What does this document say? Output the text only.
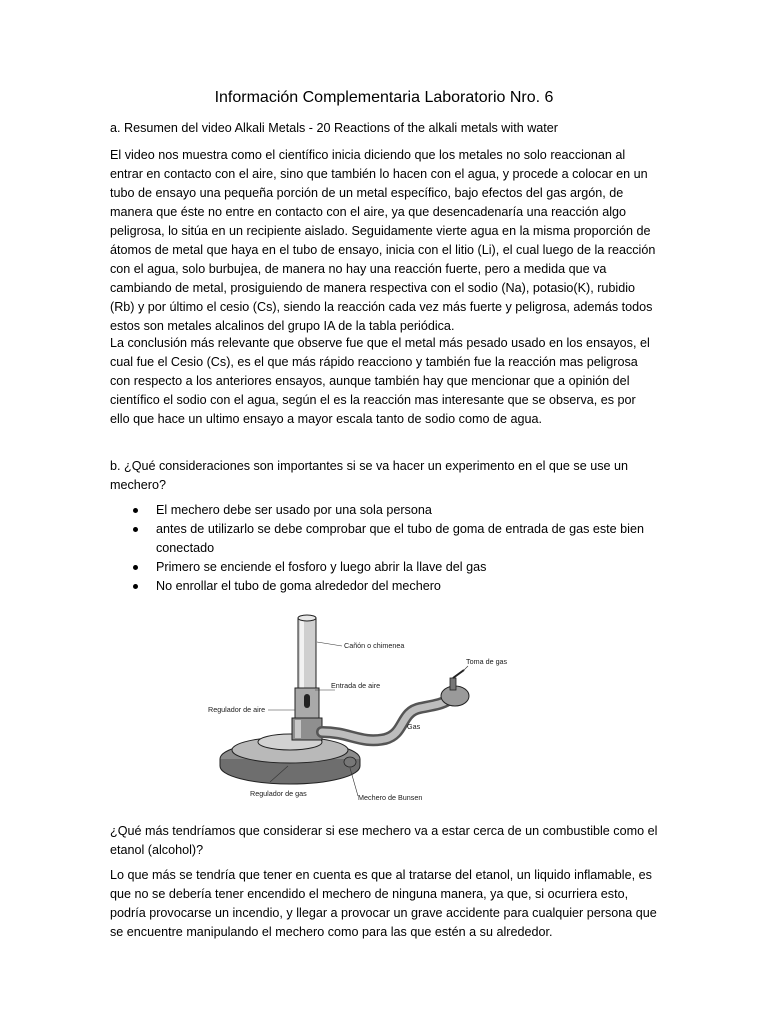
Información Complementaria Laboratorio Nro. 6
a. Resumen del video Alkali Metals - 20 Reactions of the alkali metals with water

El video nos muestra como el científico inicia diciendo que los metales no solo reaccionan al entrar en contacto con el aire, sino que también lo hacen con el agua, y procede a colocar en un tubo de ensayo una pequeña porción de un metal específico, bajo efectos del gas argón, de manera que éste no entre en contacto con el aire, ya que desencadenaría una reacción algo peligrosa, lo sitúa en un recipiente aislado. Seguidamente vierte agua en la misma proporción de átomos de metal que haya en el tubo de ensayo, inicia con el litio (Li), el cual luego de la reacción con el agua, solo burbujea, de manera no hay una reacción fuerte, pero a medida que va cambiando de metal, prosiguiendo de manera respectiva con el sodio (Na), potasio(K), rubidio (Rb) y por último el cesio (Cs), siendo la reacción cada vez más fuerte y peligrosa, además todos estos son metales alcalinos del grupo IA de la tabla periódica.

La conclusión más relevante que observe fue que el metal más pesado usado en los ensayos, el cual fue el Cesio (Cs), es el que más rápido reacciono y también fue la reacción mas peligrosa con respecto a los anteriores ensayos, aunque también hay que mencionar que a opinión del científico el sodio con el agua, según el es la reacción mas interesante que se observa, es por ello que hace un ultimo ensayo a mayor escala tanto de sodio como de agua.

b. ¿Qué consideraciones son importantes si se va hacer un experimento en el que se use un mechero?
El mechero debe ser usado por una sola persona
antes de utilizarlo se debe comprobar que el tubo de goma de entrada de gas este bien conectado
Primero se enciende el fosforo y luego abrir la llave del gas
No enrollar el tubo de goma alrededor del mechero
Cañón o chimenea
Toma de gas
Entrada de aire
Regulador de aire
Gas
Regulador de gas	Mechero de Bunsen
¿Qué más tendríamos que considerar si ese mechero va a estar cerca de un combustible como el etanol (alcohol)?

Lo que más se tendría que tener en cuenta es que al tratarse del etanol, un liquido inflamable, es que no se debería tener encendido el mechero de ninguna manera, ya que, si ocurriera esto, podría provocarse un incendio, y llegar a provocar un grave accidente para cualquier persona que se encuentre manipulando el mechero como para las que estén a su alrededor.
